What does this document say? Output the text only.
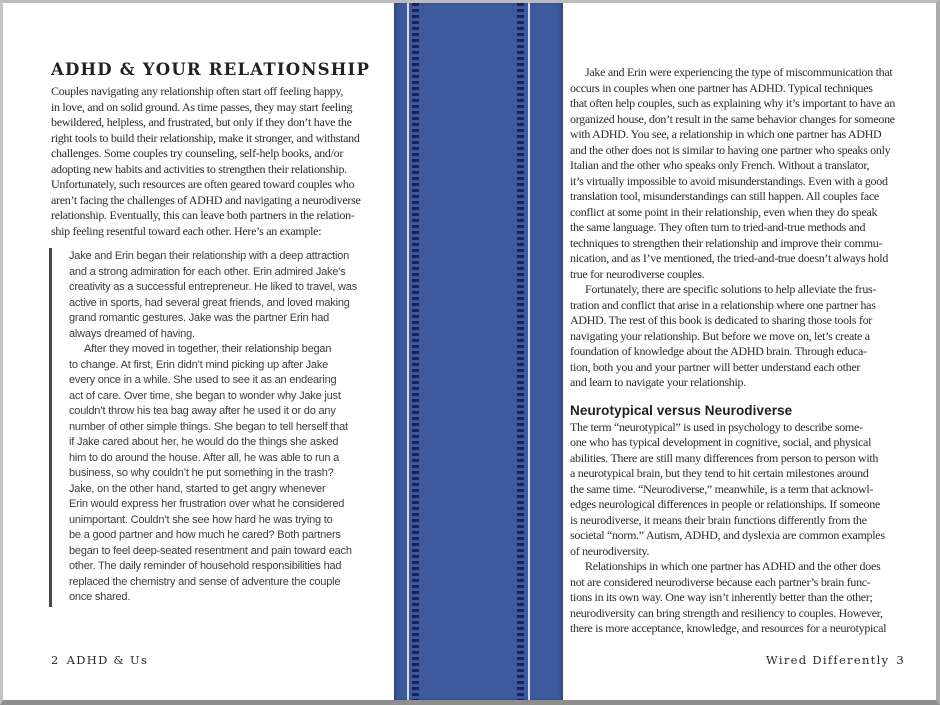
ADHD & YOUR RELATIONSHIP
Couples navigating any relationship often start off feeling happy,
in love, and on solid ground. As time passes, they may start feeling
bewildered, helpless, and frustrated, but only if they don’t have the
right tools to build their relationship, make it stronger, and withstand
challenges. Some couples try counseling, self-help books, and/or
adopting new habits and activities to strengthen their relationship.
Unfortunately, such resources are often geared toward couples who
aren’t facing the challenges of ADHD and navigating a neurodiverse
relationship. Eventually, this can leave both partners in the relation-
ship feeling resentful toward each other. Here’s an example:
Jake and Erin began their relationship with a deep attraction
and a strong admiration for each other. Erin admired Jake’s
creativity as a successful entrepreneur. He liked to travel, was
active in sports, had several great friends, and loved making
grand romantic gestures. Jake was the partner Erin had
always dreamed of having.
After they moved in together, their relationship began
to change. At first, Erin didn’t mind picking up after Jake
every once in a while. She used to see it as an endearing
act of care. Over time, she began to wonder why Jake just
couldn’t throw his tea bag away after he used it or do any
number of other simple things. She began to tell herself that
if Jake cared about her, he would do the things she asked
him to do around the house. After all, he was able to run a
business, so why couldn’t he put something in the trash?
Jake, on the other hand, started to get angry whenever
Erin would express her frustration over what he considered
unimportant. Couldn’t she see how hard he was trying to
be a good partner and how much he cared? Both partners
began to feel deep-seated resentment and pain toward each
other. The daily reminder of household responsibilities had
replaced the chemistry and sense of adventure the couple
once shared.
2 ADHD & Us
Jake and Erin were experiencing the type of miscommunication that
occurs in couples when one partner has ADHD. Typical techniques
that often help couples, such as explaining why it’s important to have an
organized house, don’t result in the same behavior changes for someone
with ADHD. You see, a relationship in which one partner has ADHD
and the other does not is similar to having one partner who speaks only
Italian and the other who speaks only French. Without a translator,
it’s virtually impossible to avoid misunderstandings. Even with a good
translation tool, misunderstandings can still happen. All couples face
conflict at some point in their relationship, even when they do speak
the same language. They often turn to tried-and-true methods and
techniques to strengthen their relationship and improve their commu-
nication, and as I’ve mentioned, the tried-and-true doesn’t always hold
true for neurodiverse couples.
Fortunately, there are specific solutions to help alleviate the frus-
tration and conflict that arise in a relationship where one partner has
ADHD. The rest of this book is dedicated to sharing those tools for
navigating your relationship. But before we move on, let’s create a
foundation of knowledge about the ADHD brain. Through educa-
tion, both you and your partner will better understand each other
and learn to navigate your relationship.
Neurotypical versus Neurodiverse
The term “neurotypical” is used in psychology to describe some-
one who has typical development in cognitive, social, and physical
abilities. There are still many differences from person to person with
a neurotypical brain, but they tend to hit certain milestones around
the same time. “Neurodiverse,” meanwhile, is a term that acknowl-
edges neurological differences in people or relationships. If someone
is neurodiverse, it means their brain functions differently from the
societal “norm.” Autism, ADHD, and dyslexia are common examples
of neurodiversity.
Relationships in which one partner has ADHD and the other does
not are considered neurodiverse because each partner’s brain func-
tions in its own way. One way isn’t inherently better than the other;
neurodiversity can bring strength and resiliency to couples. However,
there is more acceptance, knowledge, and resources for a neurotypical
Wired Differently 3
